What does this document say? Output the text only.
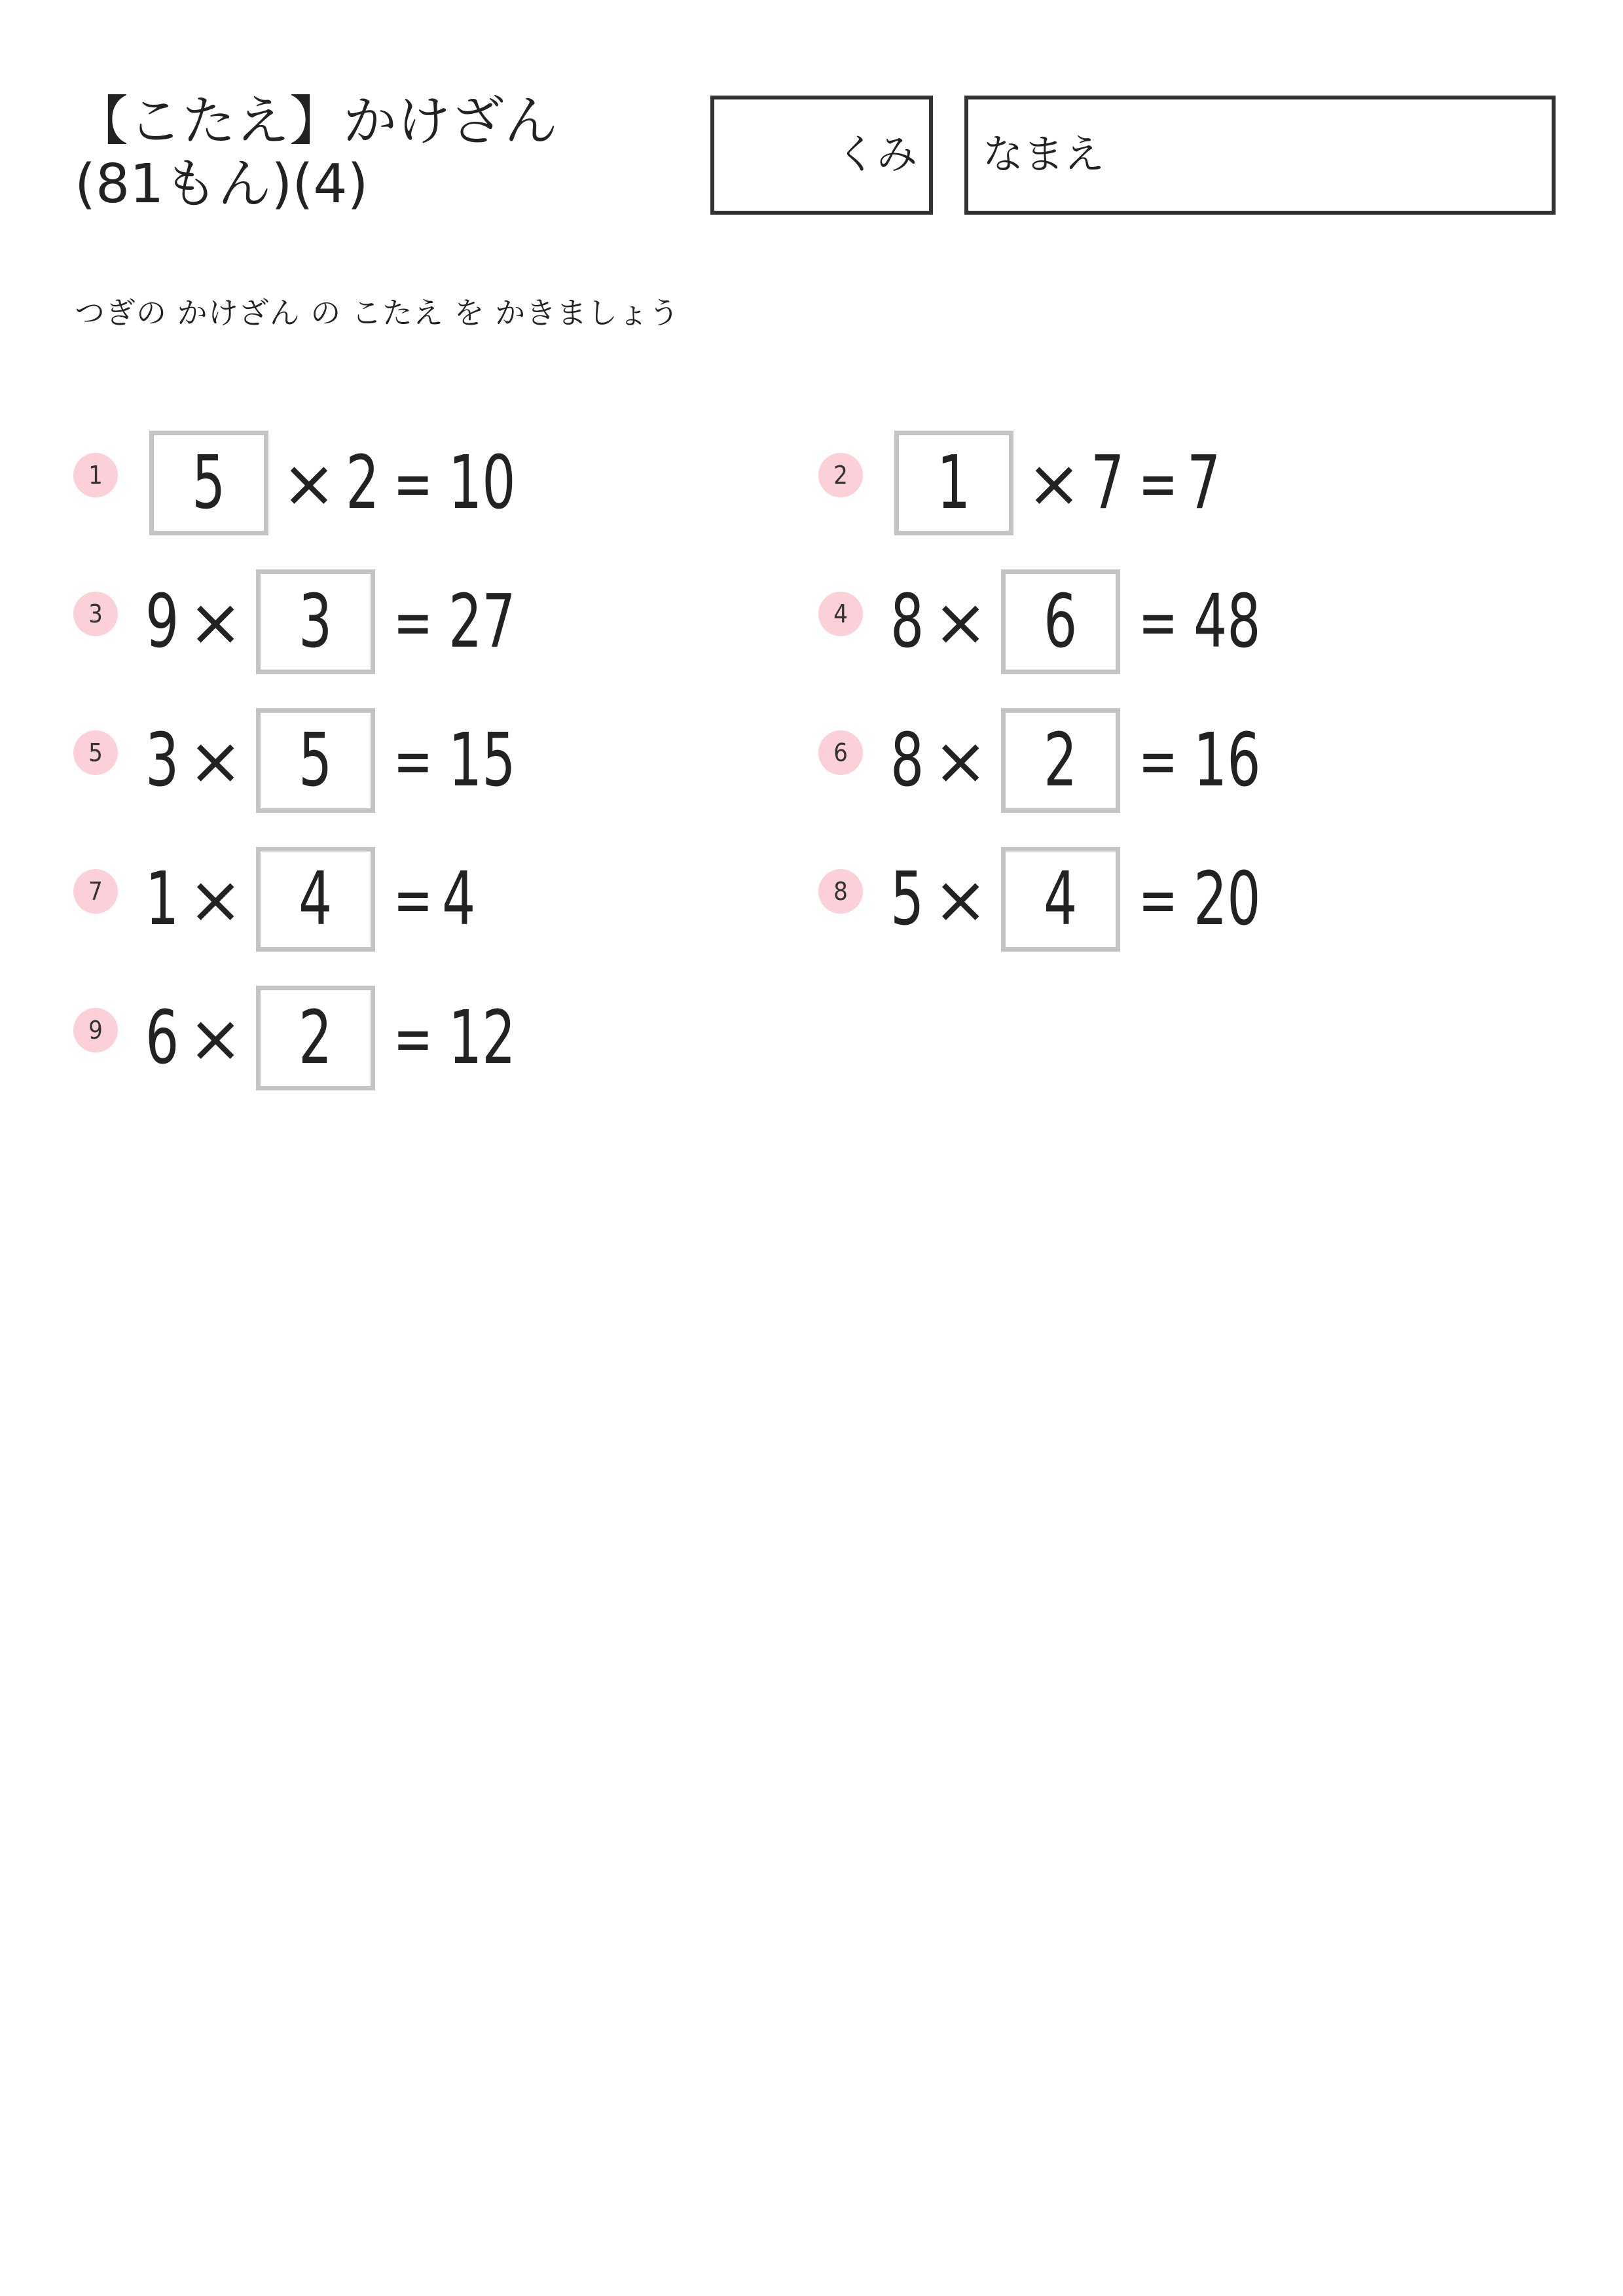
【こたえ】かけざん(81もん)(4)	くみ なまえ
つぎの かけざん の こたえ を かきましょう
1	5 × 2 = 10	2	1 × 7 = 7
3 9 × 3 = 27	4 8 × 6 = 48
5 3 × 5 = 15	6 8 × 2 = 16
7 1 × 4 = 4	8 5 × 4 = 20
9 6 × 2 = 12
